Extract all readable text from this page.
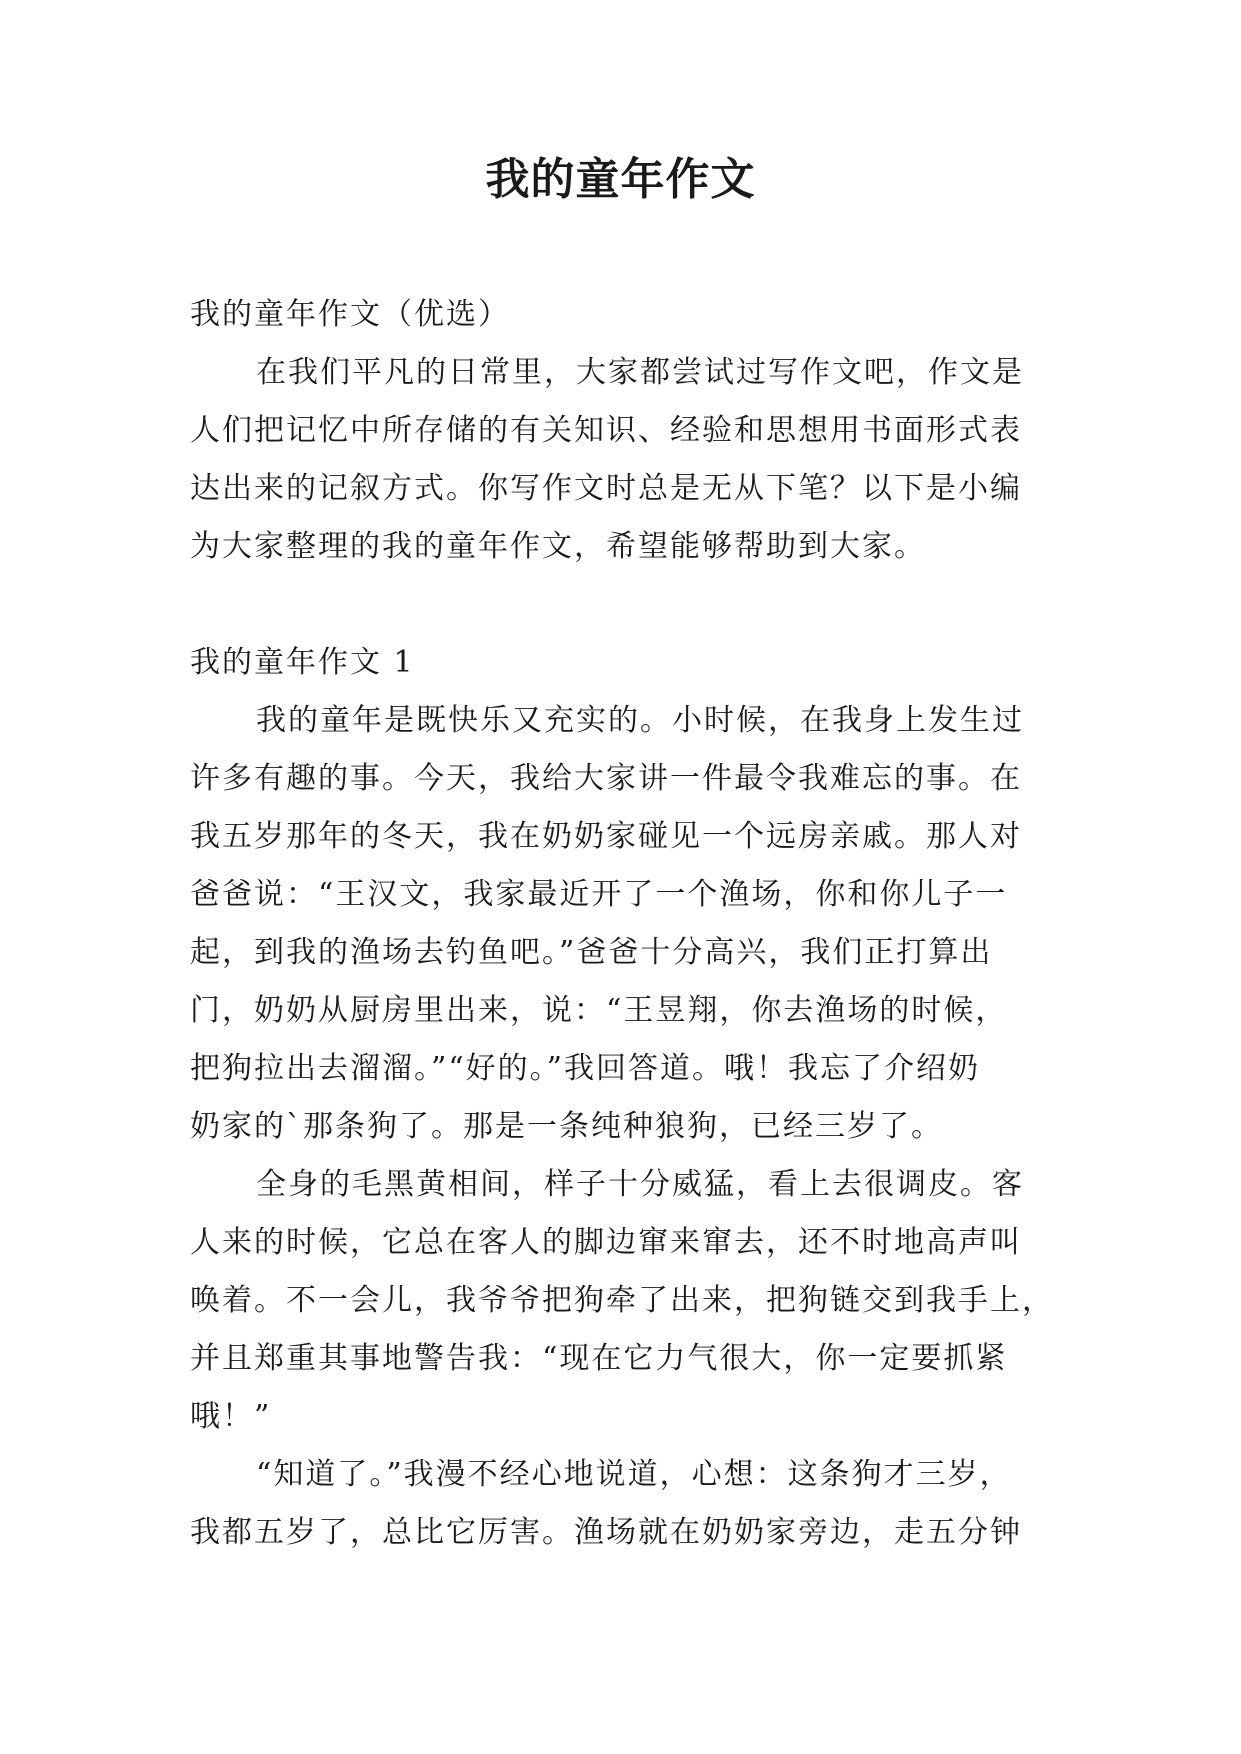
我的童年作文
我的童年作文（优选）
在我们平凡的日常里，大家都尝试过写作文吧，作文是
人们把记忆中所存储的有关知识、经验和思想用书面形式表
达出来的记叙方式。你写作文时总是无从下笔？以下是小编
为大家整理的我的童年作文，希望能够帮助到大家。
我的童年作文 1
我的童年是既快乐又充实的。小时候，在我身上发生过
许多有趣的事。今天，我给大家讲一件最令我难忘的事。在
我五岁那年的冬天，我在奶奶家碰见一个远房亲戚。那人对
爸爸说：“王汉文，我家最近开了一个渔场，你和你儿子一
起，到我的渔场去钓鱼吧。”爸爸十分高兴，我们正打算出
门，奶奶从厨房里出来，说：“王昱翔，你去渔场的时候，
把狗拉出去溜溜。”“好的。”我回答道。哦！我忘了介绍奶
奶家的`那条狗了。那是一条纯种狼狗，已经三岁了。
全身的毛黑黄相间，样子十分威猛，看上去很调皮。客
人来的时候，它总在客人的脚边窜来窜去，还不时地高声叫
唤着。不一会儿，我爷爷把狗牵了出来，把狗链交到我手上，
并且郑重其事地警告我：“现在它力气很大，你一定要抓紧
哦！”
“知道了。”我漫不经心地说道，心想：这条狗才三岁，
我都五岁了，总比它厉害。渔场就在奶奶家旁边，走五分钟
